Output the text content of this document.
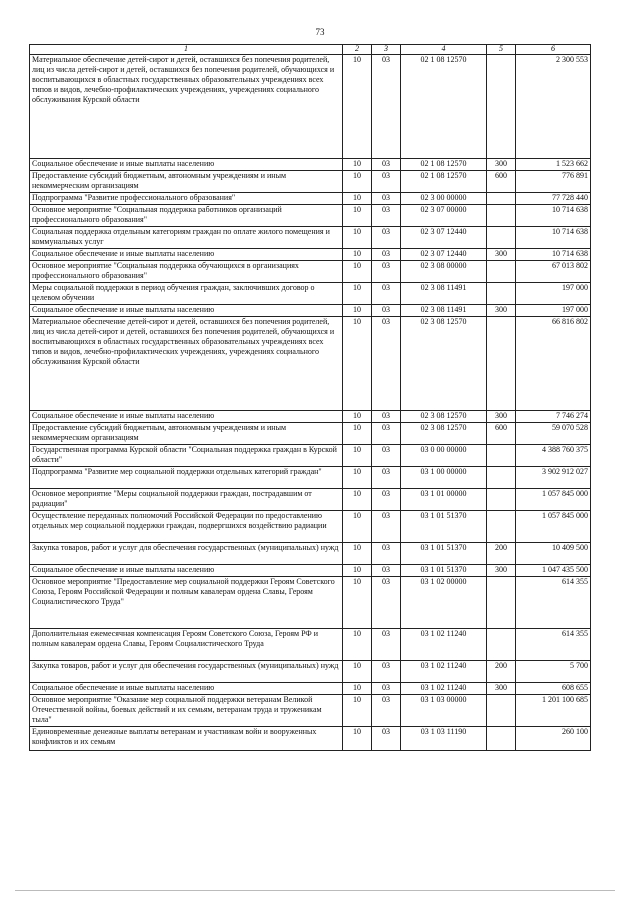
73
1	2	3	4	5	6
Материальное обеспечение детей-сирот и детей, оставшихся без попечения родителей, лиц из числа детей-сирот и детей, оставшихся без попечения родителей, обучающихся и воспитывающихся в областных государственных образовательных учреждениях всех типов и видов, лечебно-профилактических учреждениях, учреждениях социального обслуживания Курской области	10	03	02 1 08 12570		2 300 553
Социальное обеспечение и иные выплаты населению	10	03	02 1 08 12570	300	1 523 662
Предоставление субсидий бюджетным, автономным учреждениям и иным некоммерческим организациям	10	03	02 1 08 12570	600	776 891
Подпрограмма "Развитие профессионального образования"	10	03	02 3 00 00000		77 728 440
Основное мероприятие "Социальная поддержка работников организаций профессионального образования"	10	03	02 3 07 00000		10 714 638
Социальная поддержка отдельным категориям граждан по оплате жилого помещения и коммунальных услуг	10	03	02 3 07 12440		10 714 638
Социальное обеспечение и иные выплаты населению	10	03	02 3 07 12440	300	10 714 638
Основное мероприятие "Социальная поддержка обучающихся в организациях профессионального образования"	10	03	02 3 08 00000		67 013 802
Меры социальной поддержки в период обучения граждан, заключивших договор о целевом обучении	10	03	02 3 08 11491		197 000
Социальное обеспечение и иные выплаты населению	10	03	02 3 08 11491	300	197 000
Материальное обеспечение детей-сирот и детей, оставшихся без попечения родителей, лиц из числа детей-сирот и детей, оставшихся без попечения родителей, обучающихся и воспитывающихся в областных государственных образовательных учреждениях всех типов и видов, лечебно-профилактических учреждениях, учреждениях социального обслуживания Курской области	10	03	02 3 08 12570		66 816 802
Социальное обеспечение и иные выплаты населению	10	03	02 3 08 12570	300	7 746 274
Предоставление субсидий бюджетным, автономным учреждениям и иным некоммерческим организациям	10	03	02 3 08 12570	600	59 070 528
Государственная программа Курской области "Социальная поддержка граждан в Курской области"	10	03	03 0 00 00000		4 388 760 375
Подпрограмма "Развитие мер социальной поддержки отдельных категорий граждан"	10	03	03 1 00 00000		3 902 912 027
Основное мероприятие "Меры социальной поддержки граждан, пострадавшим от радиации"	10	03	03 1 01 00000		1 057 845 000
Осуществление переданных полномочий Российской Федерации по предоставлению отдельных мер социальной поддержки граждан, подвергшихся воздействию радиации	10	03	03 1 01 51370		1 057 845 000
Закупка товаров, работ и услуг для обеспечения государственных (муниципальных) нужд	10	03	03 1 01 51370	200	10 409 500
Социальное обеспечение и иные выплаты населению	10	03	03 1 01 51370	300	1 047 435 500
Основное мероприятие "Предоставление мер социальной поддержки Героям Советского Союза, Героям Российской Федерации и полным кавалерам ордена Славы, Героям Социалистического Труда"	10	03	03 1 02 00000		614 355
Дополнительная ежемесячная компенсация Героям Советского Союза, Героям РФ и полным кавалерам ордена Славы, Героям Социалистического Труда	10	03	03 1 02 11240		614 355
Закупка товаров, работ и услуг для обеспечения государственных (муниципальных) нужд	10	03	03 1 02 11240	200	5 700
Социальное обеспечение и иные выплаты населению	10	03	03 1 02 11240	300	608 655
Основное мероприятие "Оказание мер социальной поддержки ветеранам Великой Отечественной войны, боевых действий и их семьям, ветеранам труда и труженикам тыла"	10	03	03 1 03 00000		1 201 100 685
Единовременные денежные выплаты ветеранам и участникам войн и вооруженных конфликтов и их семьям	10	03	03 1 03 11190		260 100
